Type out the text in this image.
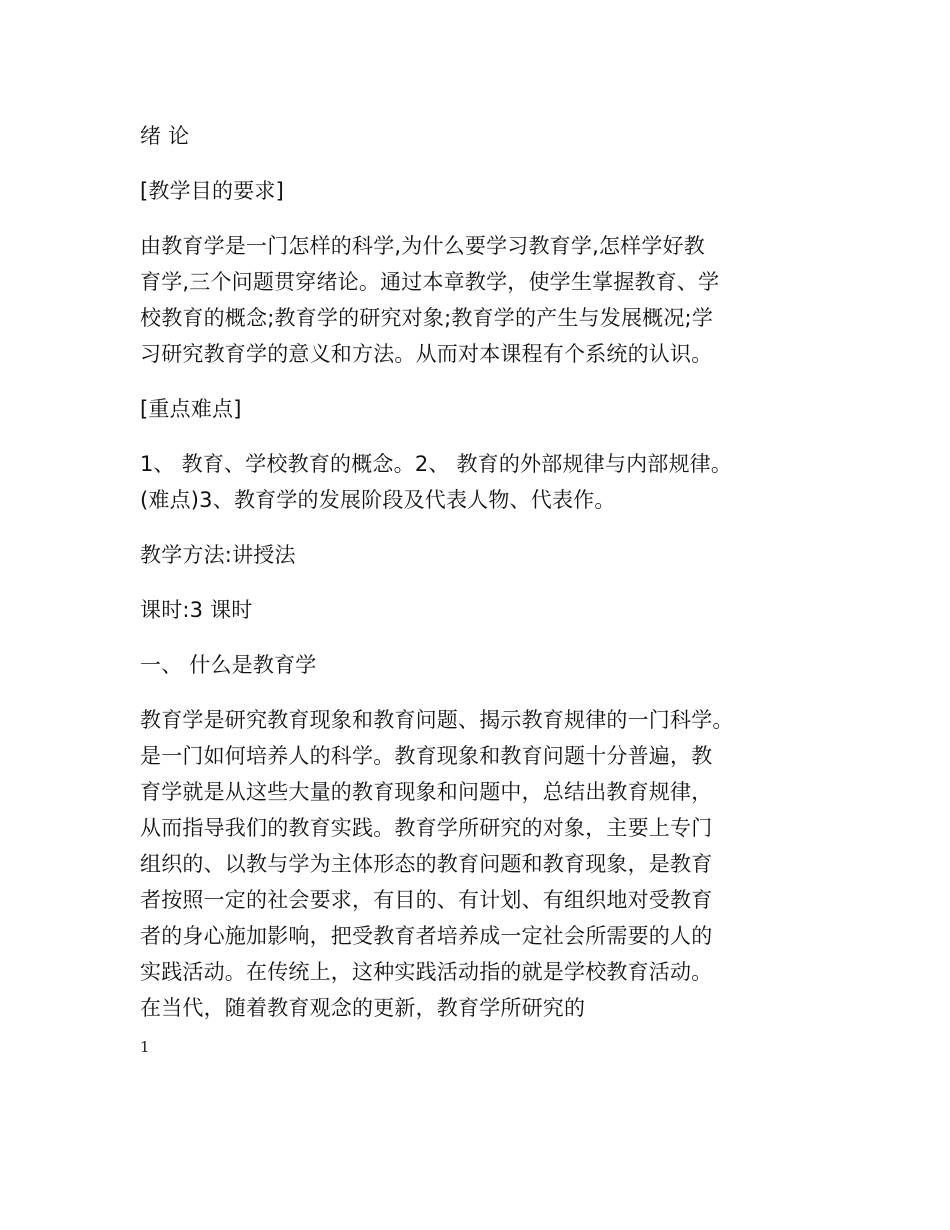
绪 论

[教学目的要求]

由教育学是一门怎样的科学,为什么要学习教育学,怎样学好教
育学,三个问题贯穿绪论。通过本章教学，使学生掌握教育、学
校教育的概念;教育学的研究对象;教育学的产生与发展概况;学
习研究教育学的意义和方法。从而对本课程有个系统的认识。

[重点难点]

1、 教育、学校教育的概念。2、 教育的外部规律与内部规律。
(难点)3、教育学的发展阶段及代表人物、代表作。

教学方法:讲授法

课时:3 课时

一、 什么是教育学

教育学是研究教育现象和教育问题、揭示教育规律的一门科学。
是一门如何培养人的科学。教育现象和教育问题十分普遍，教
育学就是从这些大量的教育现象和问题中，总结出教育规律，
从而指导我们的教育实践。教育学所研究的对象，主要上专门
组织的、以教与学为主体形态的教育问题和教育现象，是教育
者按照一定的社会要求，有目的、有计划、有组织地对受教育
者的身心施加影响，把受教育者培养成一定社会所需要的人的
实践活动。在传统上，这种实践活动指的就是学校教育活动。
在当代，随着教育观念的更新，教育学所研究的

1
